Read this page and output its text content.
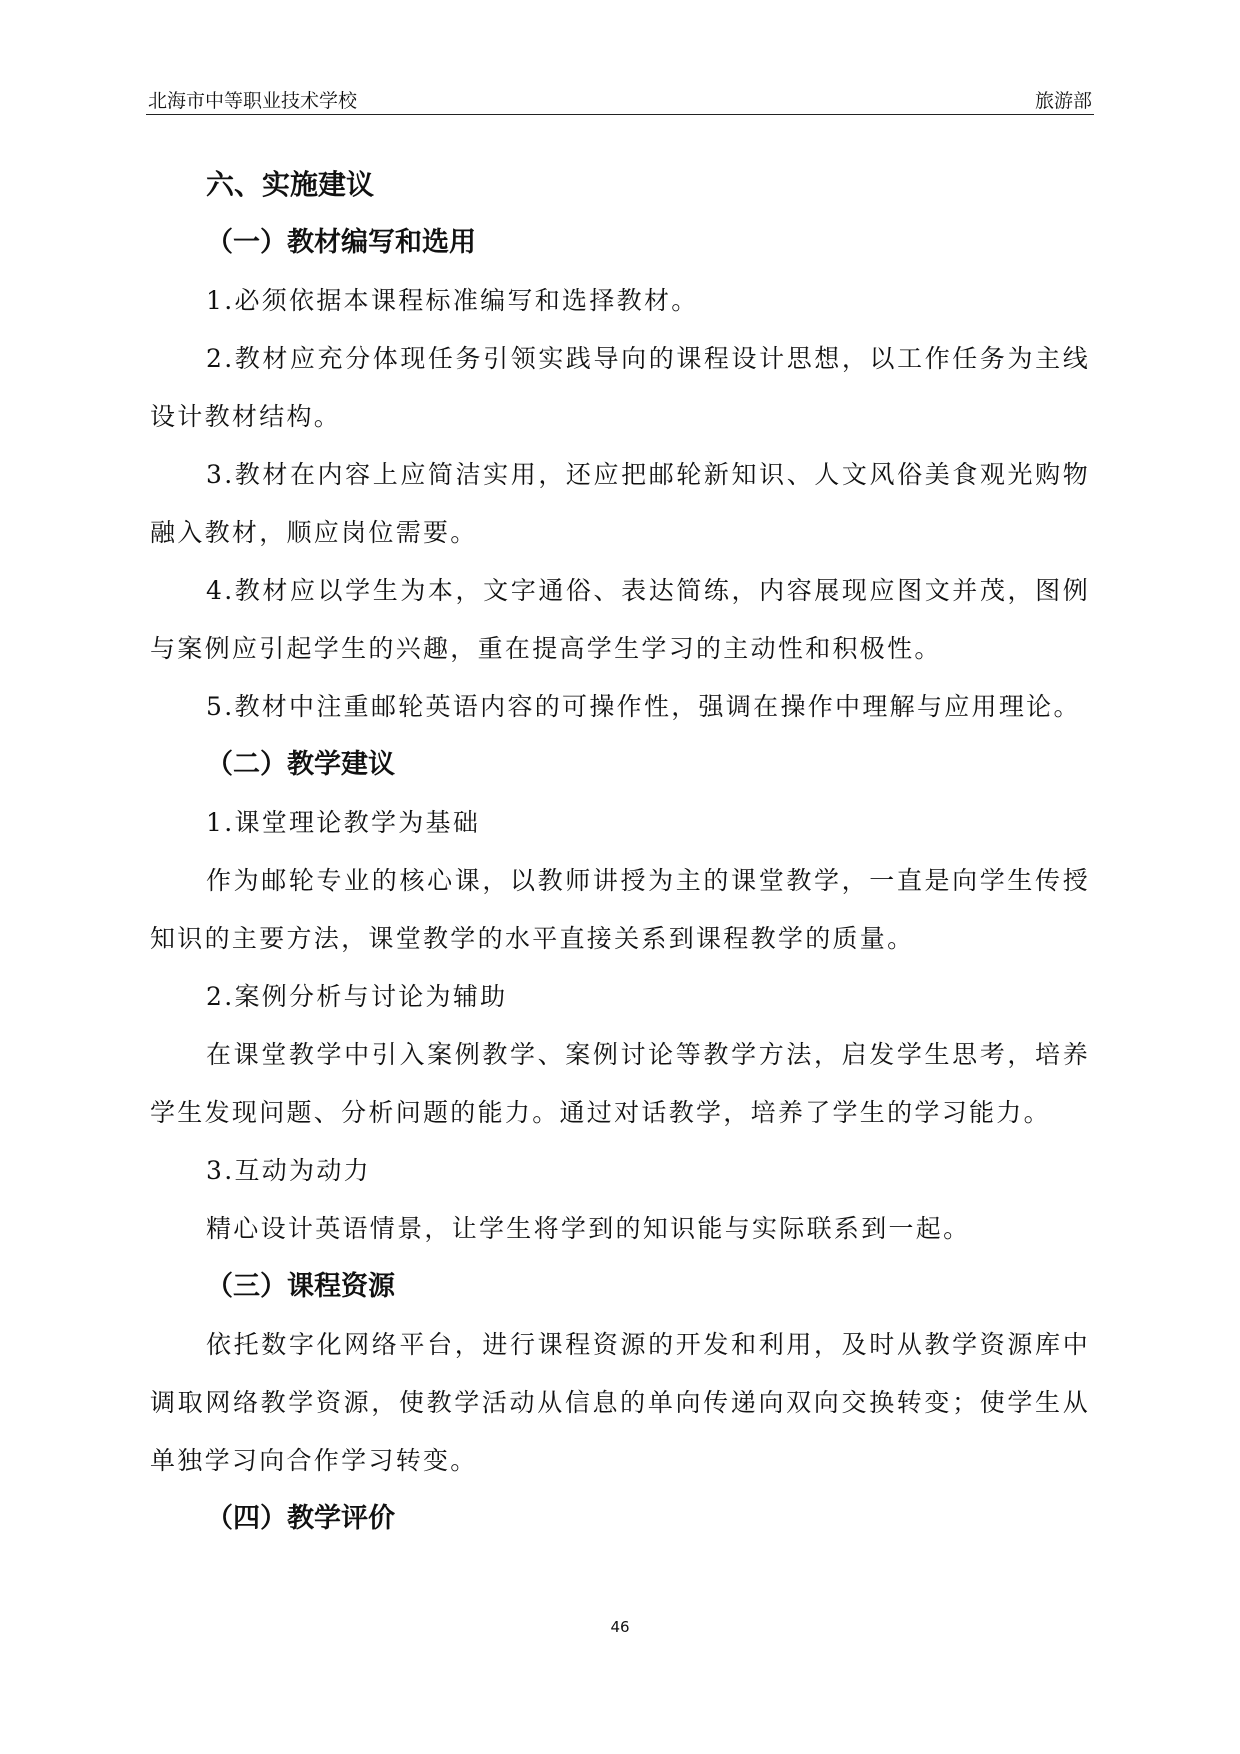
北海市中等职业技术学校	旅游部
六、实施建议
（一）教材编写和选用
1.必须依据本课程标准编写和选择教材。
2.教材应充分体现任务引领实践导向的课程设计思想，以工作任务为主线设计教材结构。
3.教材在内容上应简洁实用，还应把邮轮新知识、人文风俗美食观光购物融入教材，顺应岗位需要。
4.教材应以学生为本，文字通俗、表达简练，内容展现应图文并茂，图例与案例应引起学生的兴趣，重在提高学生学习的主动性和积极性。
5.教材中注重邮轮英语内容的可操作性，强调在操作中理解与应用理论。
（二）教学建议
1.课堂理论教学为基础
作为邮轮专业的核心课，以教师讲授为主的课堂教学，一直是向学生传授知识的主要方法，课堂教学的水平直接关系到课程教学的质量。
2.案例分析与讨论为辅助
在课堂教学中引入案例教学、案例讨论等教学方法，启发学生思考，培养学生发现问题、分析问题的能力。通过对话教学，培养了学生的学习能力。
3.互动为动力
精心设计英语情景，让学生将学到的知识能与实际联系到一起。
（三）课程资源
依托数字化网络平台，进行课程资源的开发和利用，及时从教学资源库中调取网络教学资源，使教学活动从信息的单向传递向双向交换转变；使学生从单独学习向合作学习转变。
（四）教学评价
46
